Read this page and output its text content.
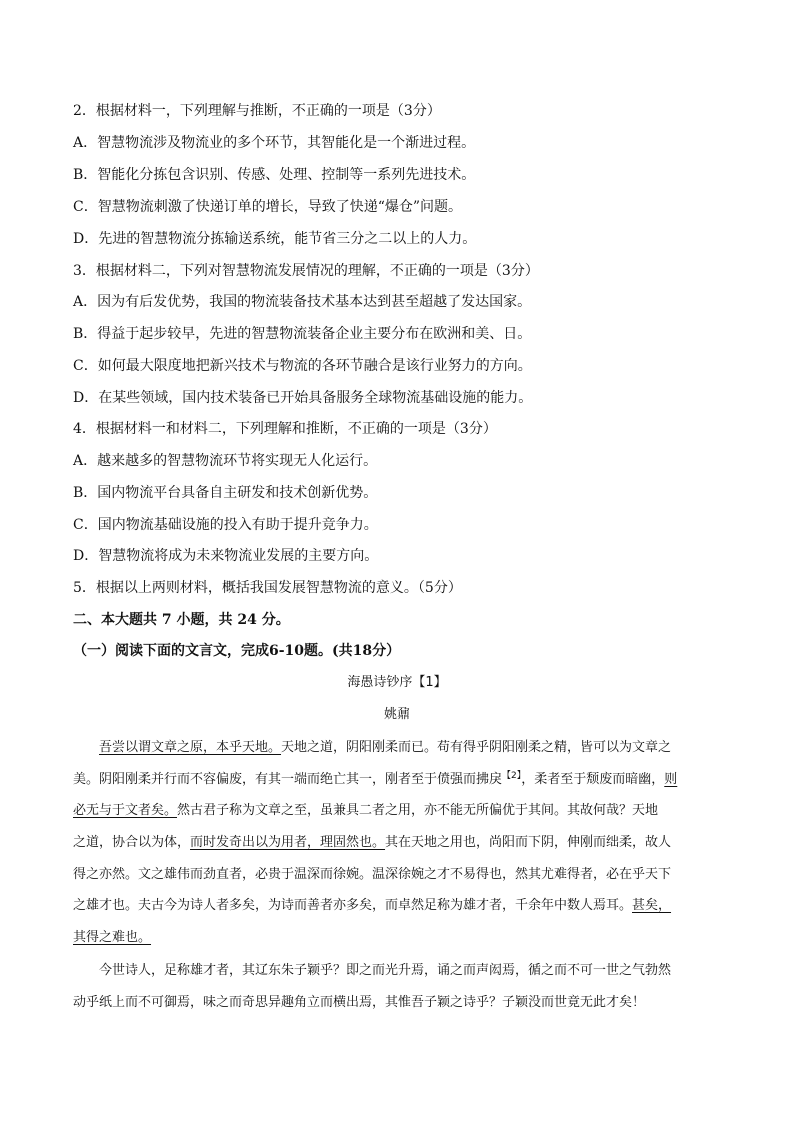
2．根据材料一，下列理解与推断，不正确的一项是（3分）
A．智慧物流涉及物流业的多个环节，其智能化是一个渐进过程。
B．智能化分拣包含识别、传感、处理、控制等一系列先进技术。
C．智慧物流刺激了快递订单的增长，导致了快递“爆仓”问题。
D．先进的智慧物流分拣输送系统，能节省三分之二以上的人力。
3．根据材料二，下列对智慧物流发展情况的理解，不正确的一项是（3分）
A．因为有后发优势，我国的物流装备技术基本达到甚至超越了发达国家。
B．得益于起步较早，先进的智慧物流装备企业主要分布在欧洲和美、日。
C．如何最大限度地把新兴技术与物流的各环节融合是该行业努力的方向。
D．在某些领域，国内技术装备已开始具备服务全球物流基础设施的能力。
4．根据材料一和材料二，下列理解和推断，不正确的一项是（3分）
A．越来越多的智慧物流环节将实现无人化运行。
B．国内物流平台具备自主研发和技术创新优势。
C．国内物流基础设施的投入有助于提升竞争力。
D．智慧物流将成为未来物流业发展的主要方向。
5．根据以上两则材料，概括我国发展智慧物流的意义。（5分）
二、本大题共 7 小题，共 24 分。
（一）阅读下面的文言文，完成6-10题。(共18分）
海愚诗钞序【1】
姚鼐
吾尝以谓文章之原，本乎天地。天地之道，阴阳刚柔而已。苟有得乎阴阳刚柔之精，皆可以为文章之
美。阴阳刚柔并行而不容偏废，有其一端而绝亡其一，刚者至于偾强而拂戾$^{【2】}$，柔者至于颓废而暗幽，则
必无与于文者矣。然古君子称为文章之至，虽兼具二者之用，亦不能无所偏优于其间。其故何哉？天地
之道，协合以为体，而时发奇出以为用者，理固然也。其在天地之用也，尚阳而下阴，伸刚而绌柔，故人
得之亦然。文之雄伟而劲直者，必贵于温深而徐婉。温深徐婉之才不易得也，然其尤难得者，必在乎天下
之雄才也。夫古今为诗人者多矣，为诗而善者亦多矣，而卓然足称为雄才者，千余年中数人焉耳。甚矣，
其得之难也。
今世诗人，足称雄才者，其辽东朱子颖乎？即之而光升焉，诵之而声闳焉，循之而不可一世之气勃然
动乎纸上而不可御焉，味之而奇思异趣角立而横出焉，其惟吾子颖之诗乎？子颖没而世竟无此才矣！
